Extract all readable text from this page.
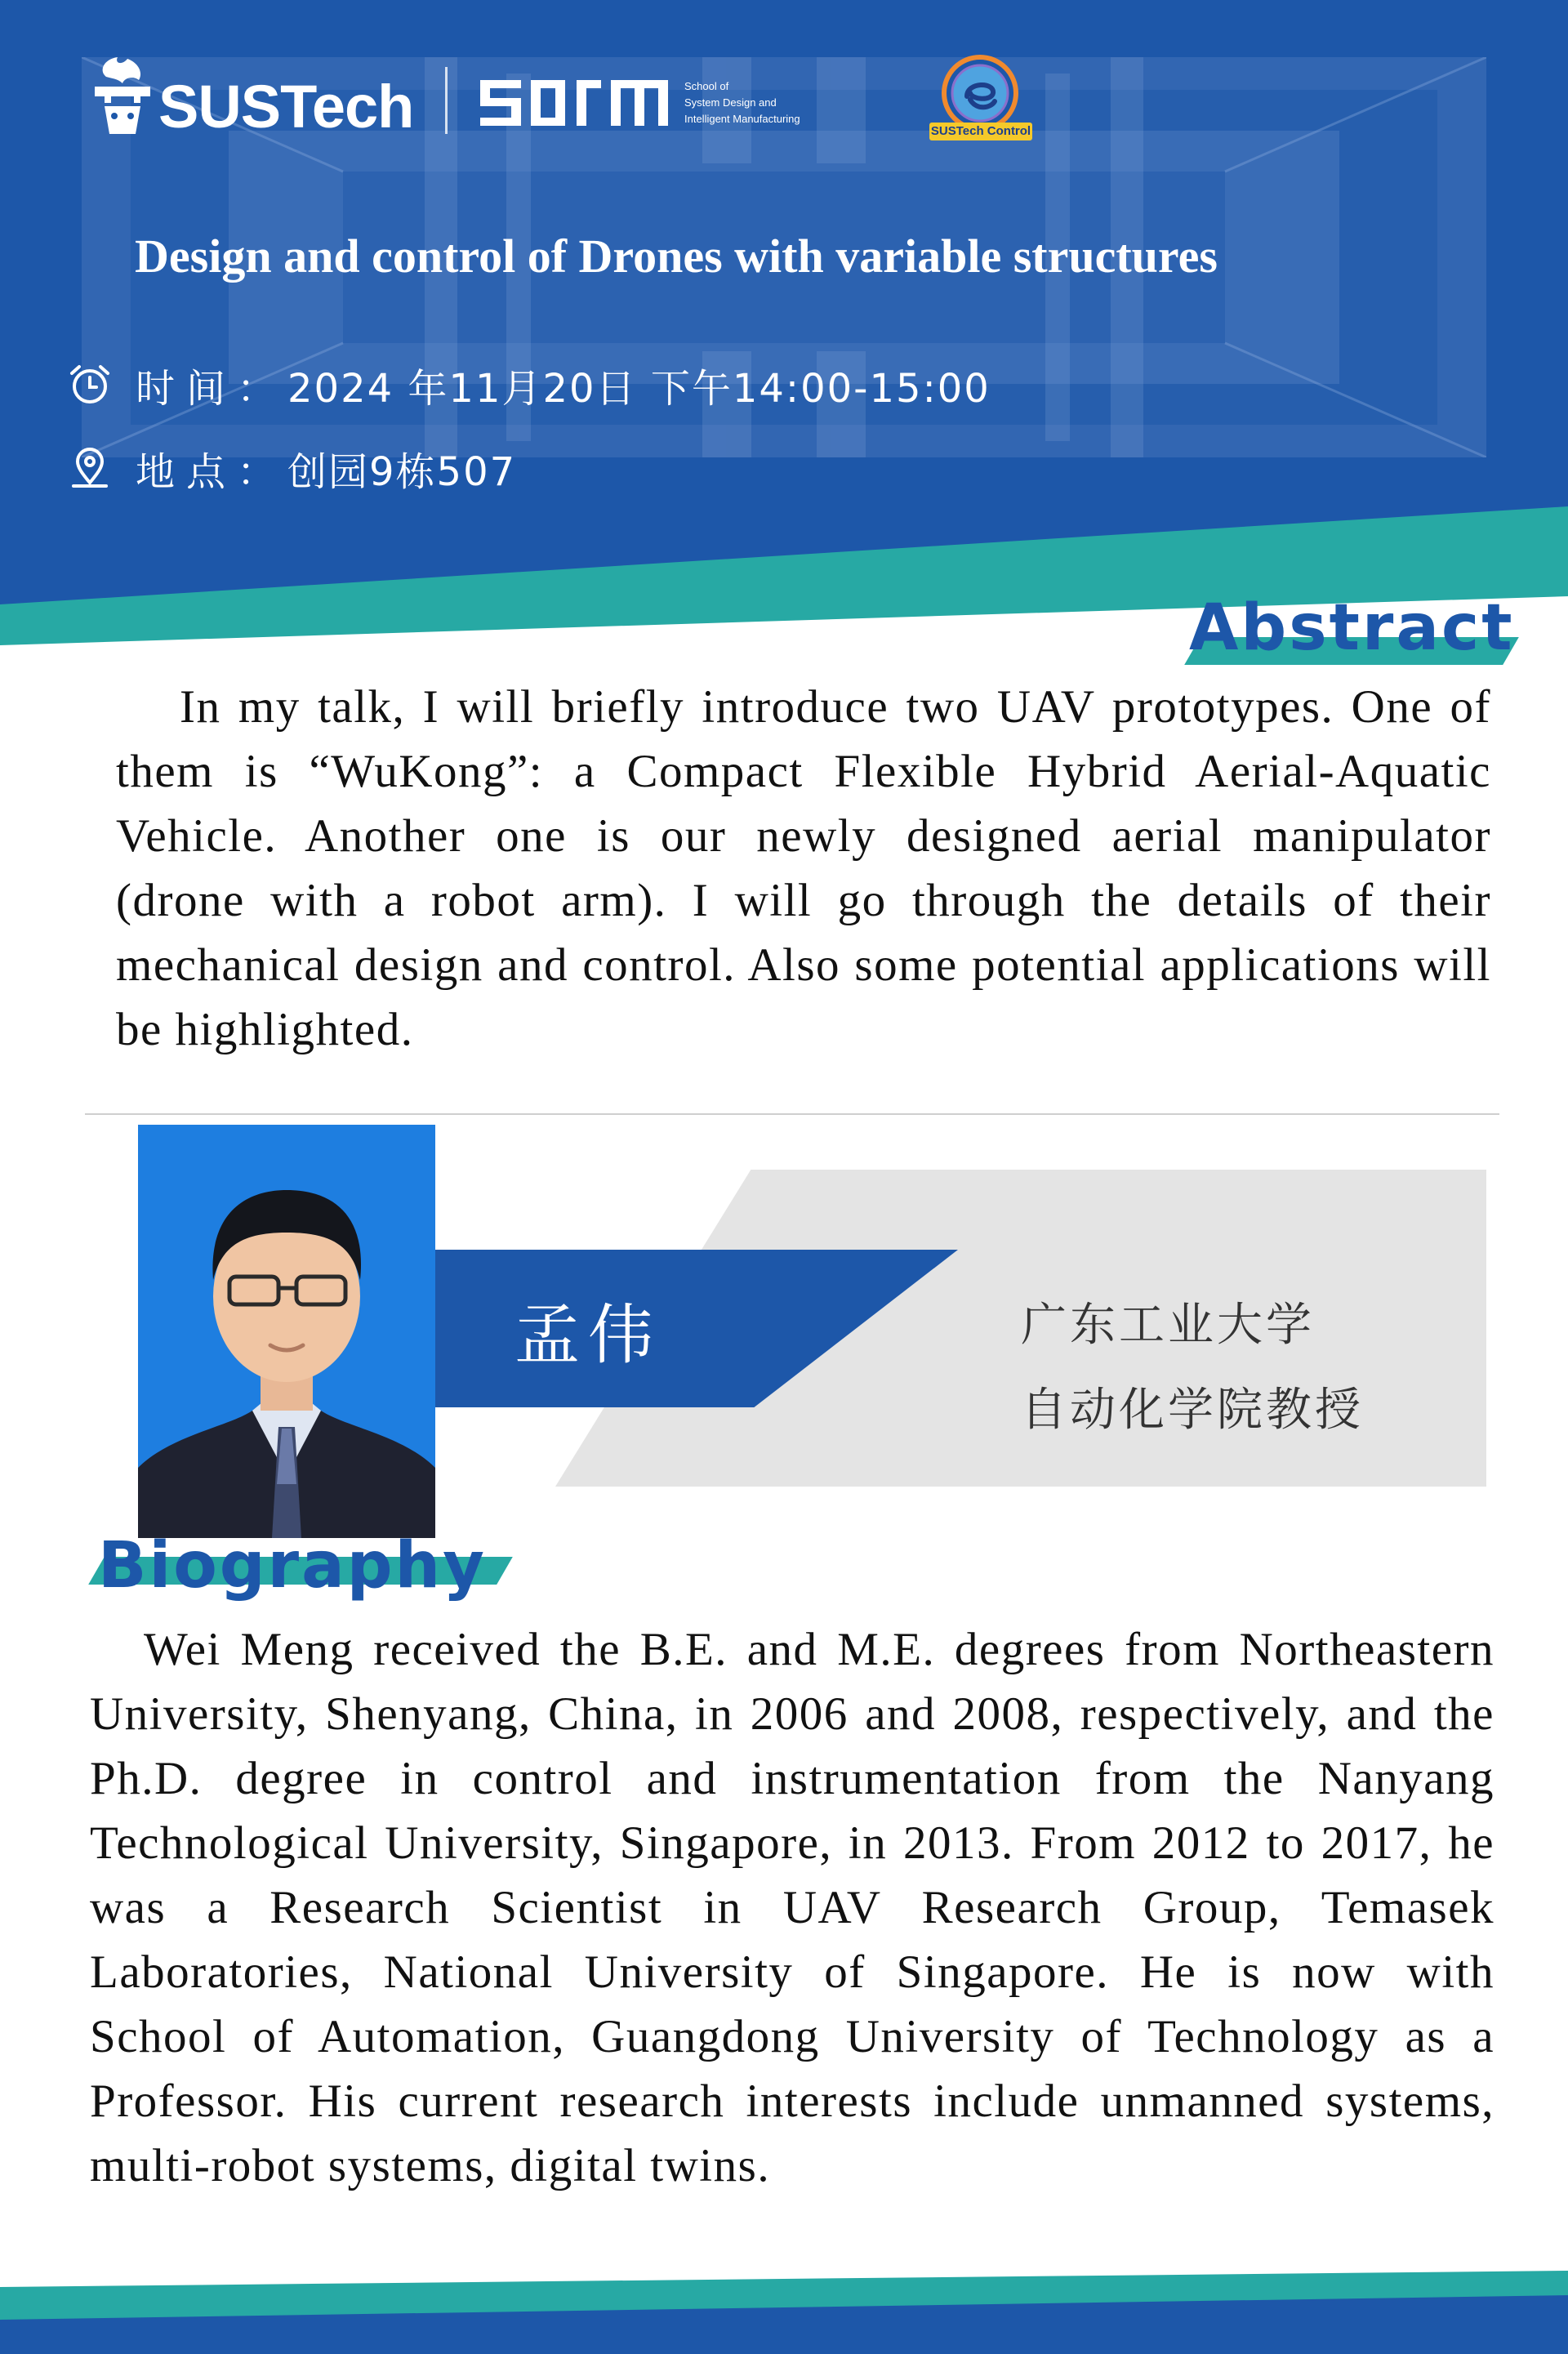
SUSTech	School of
System Design and
Intelligent Manufacturing
SUSTech Control
Design and control of Drones with variable structures
时间： 2024 年11月20日 下午14:00-15:00
地点： 创园9栋507
Abstract
In my talk, I will briefly introduce two UAV prototypes. One of them is “WuKong”: a Compact Flexible Hybrid Aerial-Aquatic Vehicle. Another one is our newly designed aerial manipulator (drone with a robot arm). I will go through the details of their mechanical design and control. Also some potential applications will be highlighted.
孟伟	广东工业大学
自动化学院教授
Biography
Wei Meng received the B.E. and M.E. degrees from Northeastern University, Shenyang, China, in 2006 and 2008, respectively, and the Ph.D. degree in control and instrumentation from the Nanyang Technological University, Singapore, in 2013. From 2012 to 2017, he was a Research Scientist in UAV Research Group, Temasek Laboratories, National University of Singapore. He is now with School of Automation, Guangdong University of Technology as a Professor. His current research interests include unmanned systems, multi-robot systems, digital twins.
